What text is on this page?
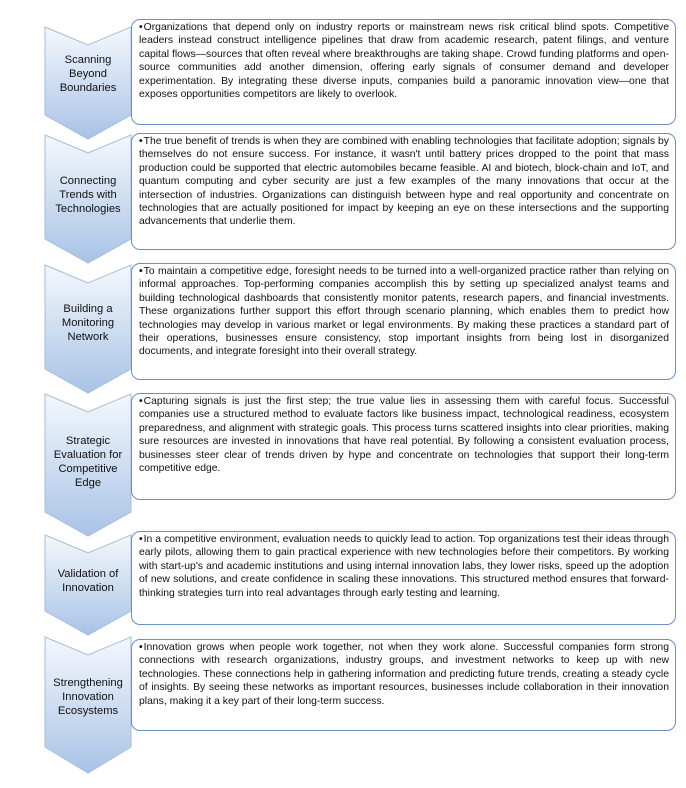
Scanning Beyond Boundaries
•Organizations that depend only on industry reports or mainstream news risk critical blind spots. Competitive leaders instead construct intelligence pipelines that draw from academic research, patent filings, and venture capital flows—sources that often reveal where breakthroughs are taking shape. Crowd funding platforms and open-source communities add another dimension, offering early signals of consumer demand and developer experimentation. By integrating these diverse inputs, companies build a panoramic innovation view—one that exposes opportunities competitors are likely to overlook.
Connecting Trends with Technologies
•The true benefit of trends is when they are combined with enabling technologies that facilitate adoption; signals by themselves do not ensure success. For instance, it wasn't until battery prices dropped to the point that mass production could be supported that electric automobiles became feasible. AI and biotech, block-chain and IoT, and quantum computing and cyber security are just a few examples of the many innovations that occur at the intersection of industries. Organizations can distinguish between hype and real opportunity and concentrate on technologies that are actually positioned for impact by keeping an eye on these intersections and the supporting advancements that underlie them.
Building a Monitoring Network
•To maintain a competitive edge, foresight needs to be turned into a well-organized practice rather than relying on informal approaches. Top-performing companies accomplish this by setting up specialized analyst teams and building technological dashboards that consistently monitor patents, research papers, and financial investments. These organizations further support this effort through scenario planning, which enables them to predict how technologies may develop in various market or legal environments. By making these practices a standard part of their operations, businesses ensure consistency, stop important insights from being lost in disorganized documents, and integrate foresight into their overall strategy.
Strategic Evaluation for Competitive Edge
•Capturing signals is just the first step; the true value lies in assessing them with careful focus. Successful companies use a structured method to evaluate factors like business impact, technological readiness, ecosystem preparedness, and alignment with strategic goals. This process turns scattered insights into clear priorities, making sure resources are invested in innovations that have real potential. By following a consistent evaluation process, businesses steer clear of trends driven by hype and concentrate on technologies that support their long-term competitive edge.
Validation of Innovation
•In a competitive environment, evaluation needs to quickly lead to action. Top organizations test their ideas through early pilots, allowing them to gain practical experience with new technologies before their competitors. By working with start-up's and academic institutions and using internal innovation labs, they lower risks, speed up the adoption of new solutions, and create confidence in scaling these innovations. This structured method ensures that forward-thinking strategies turn into real advantages through early testing and learning.
Strengthening Innovation Ecosystems
•Innovation grows when people work together, not when they work alone. Successful companies form strong connections with research organizations, industry groups, and investment networks to keep up with new technologies. These connections help in gathering information and predicting future trends, creating a steady cycle of insights. By seeing these networks as important resources, businesses include collaboration in their innovation plans, making it a key part of their long-term success.
